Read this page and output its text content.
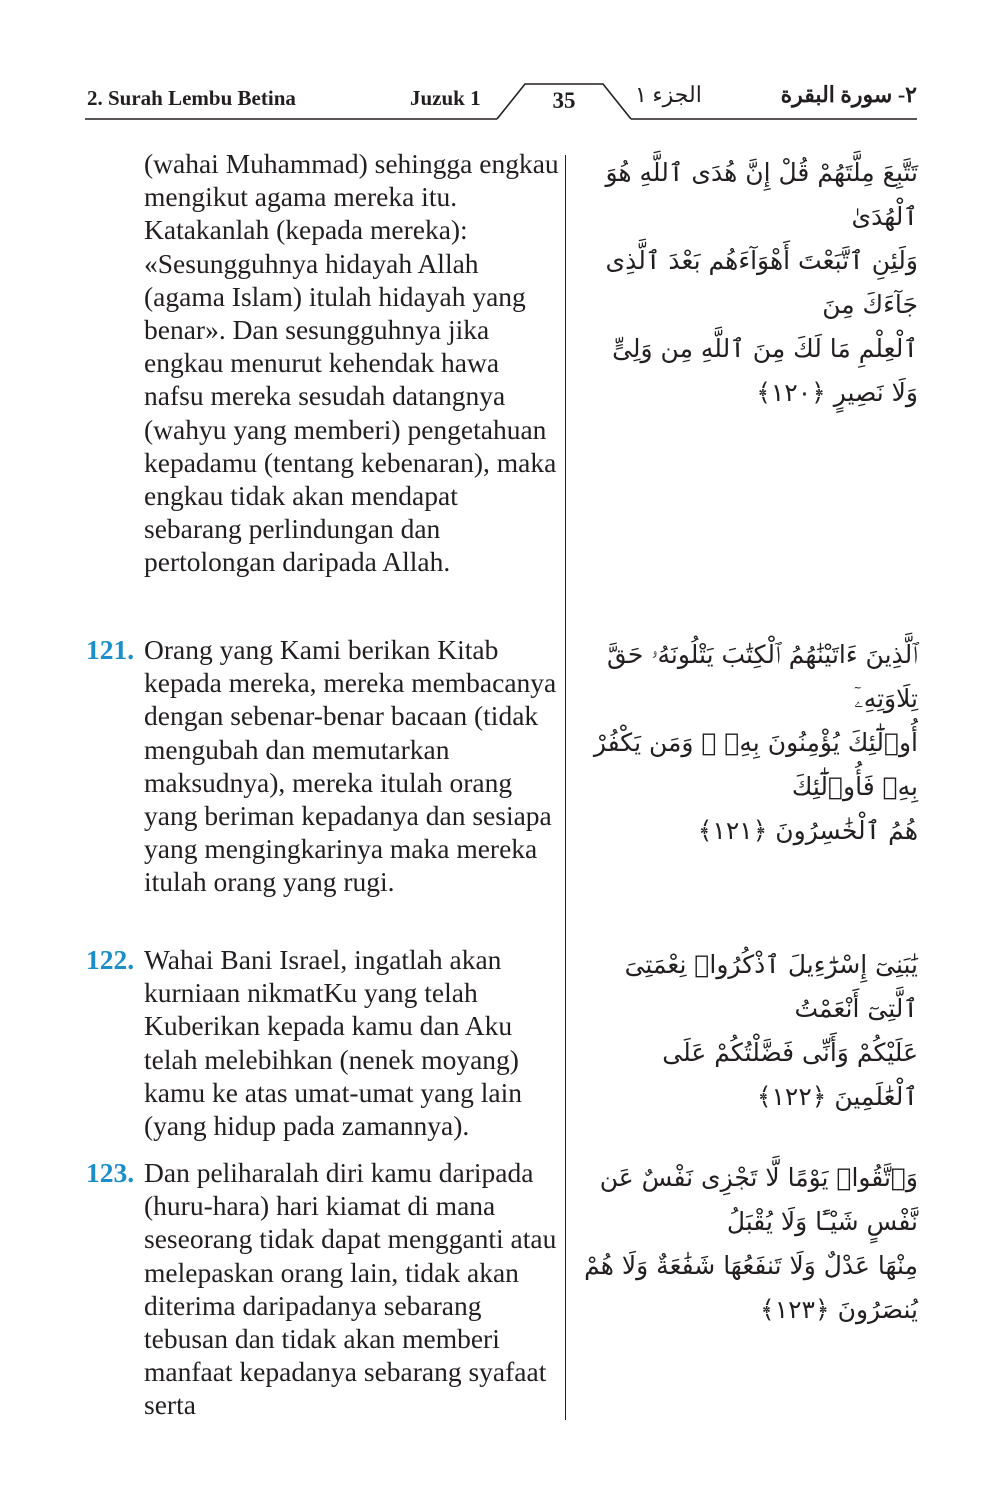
2. Surah Lembu Betina	Juzuk 1	35	الجزء ١	٢- سورة البقرة

(wahai Muhammad) sehingga engkau mengikut agama mereka itu. Katakanlah (kepada mereka): «Sesungguhnya hidayah Allah (agama Islam) itulah hidayah yang benar». Dan sesungguhnya jika engkau menurut kehendak hawa nafsu mereka sesudah datangnya (wahyu yang memberi) pengetahuan kepadamu (tentang kebenaran), maka engkau tidak akan mendapat sebarang perlindungan dan pertolongan daripada Allah.

121. Orang yang Kami berikan Kitab kepada mereka, mereka membacanya dengan sebenar-benar bacaan (tidak mengubah dan memutarkan maksudnya), mereka itulah orang yang beriman kepadanya dan sesiapa yang mengingkarinya maka mereka itulah orang yang rugi.

122. Wahai Bani Israel, ingatlah akan kurniaan nikmatKu yang telah Kuberikan kepada kamu dan Aku telah melebihkan (nenek moyang) kamu ke atas umat-umat yang lain (yang hidup pada zamannya).

123. Dan peliharalah diri kamu daripada (huru-hara) hari kiamat di mana seseorang tidak dapat mengganti atau melepaskan orang lain, tidak akan diterima daripadanya sebarang tebusan dan tidak akan memberi manfaat kepadanya sebarang syafaat serta

تَتَّبِعَ مِلَّتَهُمْ قُلْ إِنَّ هُدَى ٱللَّهِ هُوَ ٱلْهُدَىٰ
وَلَئِنِ ٱتَّبَعْتَ أَهْوَآءَهُم بَعْدَ ٱلَّذِى جَآءَكَ مِنَ
ٱلْعِلْمِ مَا لَكَ مِنَ ٱللَّهِ مِن وَلِىٍّ وَلَا نَصِيرٍ ﴿١٢٠﴾
ٱلَّذِينَ ءَاتَيْنَٰهُمُ ٱلْكِتَٰبَ يَتْلُونَهُۥ حَقَّ تِلَاوَتِهِۦٓ
أُو۟لَٰٓئِكَ يُؤْمِنُونَ بِهِۦ ۗ وَمَن يَكْفُرْ بِهِۦ فَأُو۟لَٰٓئِكَ
هُمُ ٱلْخَٰسِرُونَ ﴿١٢١﴾
يَٰبَنِىٓ إِسْرَٰٓءِيلَ ٱذْكُرُوا۟ نِعْمَتِىَ ٱلَّتِىٓ أَنْعَمْتُ
عَلَيْكُمْ وَأَنِّى فَضَّلْتُكُمْ عَلَى ٱلْعَٰلَمِينَ ﴿١٢٢﴾
وَٱتَّقُوا۟ يَوْمًا لَّا تَجْزِى نَفْسٌ عَن نَّفْسٍ شَيْـًٔا وَلَا يُقْبَلُ
مِنْهَا عَدْلٌ وَلَا تَنفَعُهَا شَفَٰعَةٌ وَلَا هُمْ يُنصَرُونَ ﴿١٢٣﴾
